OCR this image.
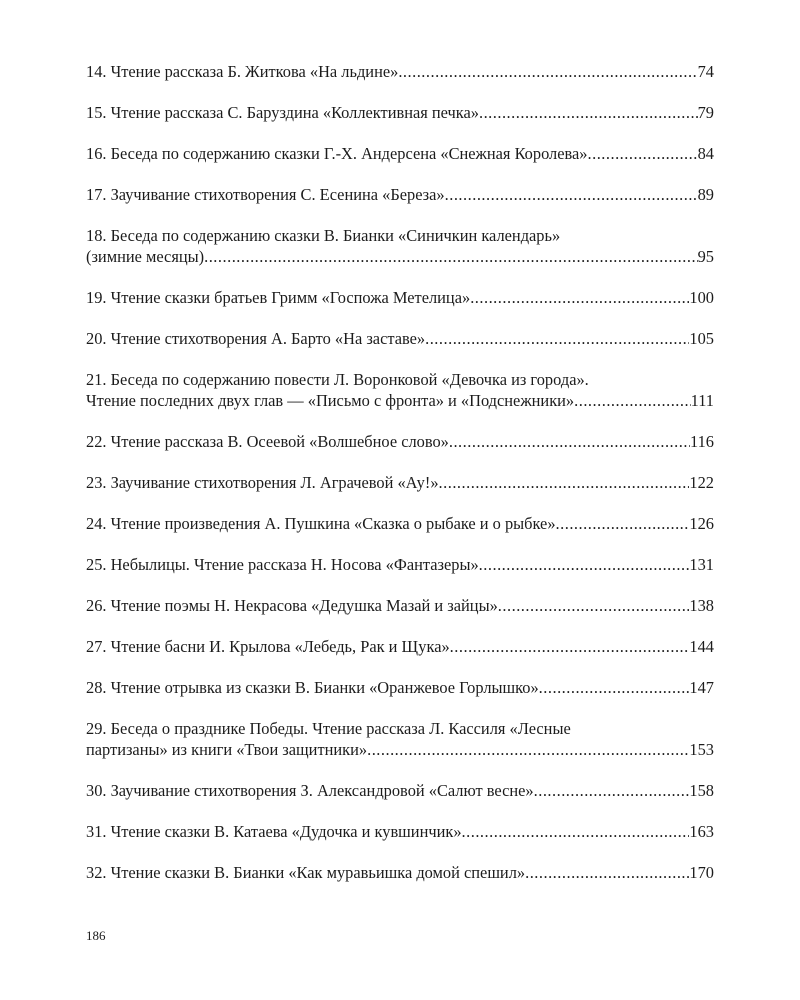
14. Чтение рассказа Б. Житкова «На льдине» .....	74
15. Чтение рассказа С. Баруздина «Коллективная печка» .....	79
16. Беседа по содержанию сказки Г.-Х. Андерсена «Снежная Королева» .....	84
17. Заучивание стихотворения С. Есенина «Береза» .....	89
18. Беседа по содержанию сказки В. Бианки «Синичкин календарь»
(зимние месяцы) .....	95
19. Чтение сказки братьев Гримм «Госпожа Метелица» .....	100
20. Чтение стихотворения А. Барто «На заставе» .....	105
21. Беседа по содержанию повести Л. Воронковой «Девочка из города».
Чтение последних двух глав — «Письмо с фронта» и «Подснежники» .....	111
22. Чтение рассказа В. Осеевой «Волшебное слово» .....	116
23. Заучивание стихотворения Л. Аграчевой «Ау!» .....	122
24. Чтение произведения А. Пушкина «Сказка о рыбаке и о рыбке» .....	126
25. Небылицы. Чтение рассказа Н. Носова «Фантазеры» .....	131
26. Чтение поэмы Н. Некрасова «Дедушка Мазай и зайцы» .....	138
27. Чтение басни И. Крылова «Лебедь, Рак и Щука» .....	144
28. Чтение отрывка из сказки В. Бианки «Оранжевое Горлышко» .....	147
29. Беседа о празднике Победы. Чтение рассказа Л. Кассиля «Лесные
партизаны» из книги «Твои защитники» .....	153
30. Заучивание стихотворения З. Александровой «Салют весне» .....	158
31. Чтение сказки В. Катаева «Дудочка и кувшинчик» .....	163
32. Чтение сказки В. Бианки «Как муравьишка домой спешил» .....	170
186
